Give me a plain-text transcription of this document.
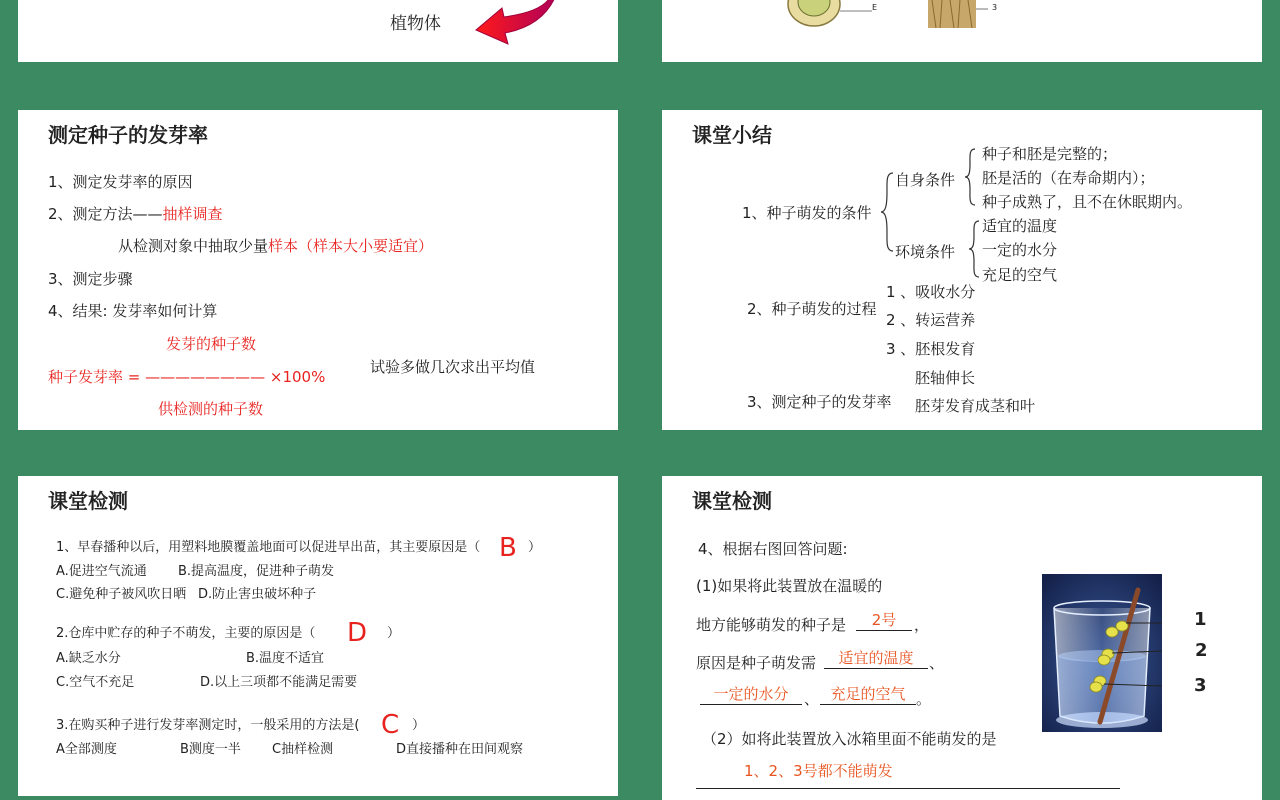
植物体
E	3
测定种子的发芽率
1、测定发芽率的原因
2、测定方法——抽样调查
从检测对象中抽取少量样本（样本大小要适宜）
3、测定步骤
4、结果: 发芽率如何计算
发芽的种子数
种子发芽率 = ———————— ×100%
供检测的种子数
试验多做几次求出平均值
课堂小结
1、种子萌发的条件
自身条件
种子和胚是完整的；
胚是活的（在寿命期内）；
种子成熟了，且不在休眠期内。
环境条件
适宜的温度
一定的水分
充足的空气
2、种子萌发的过程
1 、吸收水分
2 、转运营养
3 、胚根发育
胚轴伸长
3、测定种子的发芽率 胚芽发育成茎和叶
课堂检测
1、早春播种以后，用塑料地膜覆盖地面可以促进早出苗，其主要原因是（ B ）
A.促进空气流通 B.提高温度，促进种子萌发
C.避免种子被风吹日晒 D.防止害虫破坏种子
2.仓库中贮存的种子不萌发，主要的原因是（ D ）
A.缺乏水分	B.温度不适宜
C.空气不充足	D.以上三项都不能满足需要
3.在购买种子进行发芽率测定时，一般采用的方法是( C ）
A全部测度	B测度一半 C抽样检测	D直接播种在田间观察
课堂检测
4、根据右图回答问题:
(1)如果将此装置放在温暖的
地方能够萌发的种子是	2号	，
原因是种子萌发需	适宜的温度	、
一定的水分	、 充足的空气 。
（2）如将此装置放入冰箱里面不能萌发的是
1、2、3号都不能萌发
1
2
3
